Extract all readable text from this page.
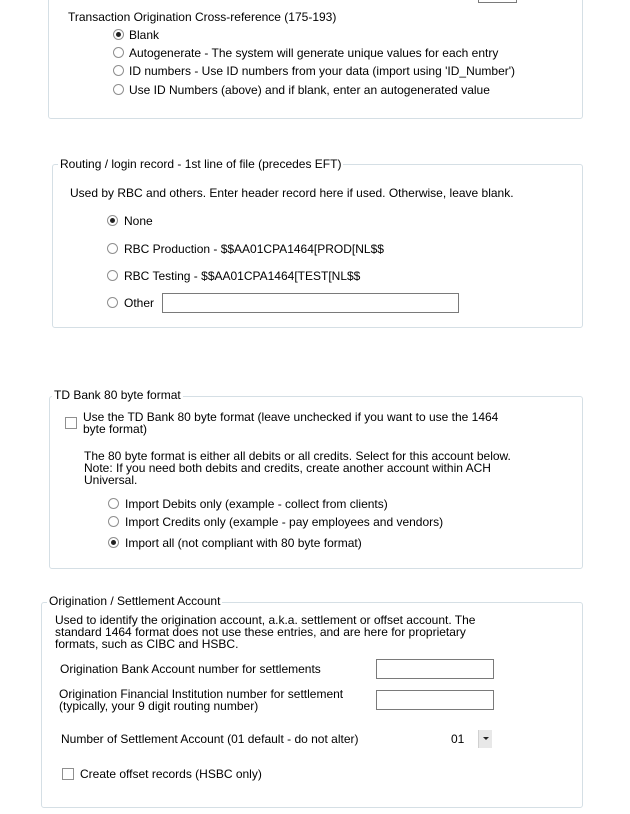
Transaction Origination Cross-reference (175-193)
Blank
Autogenerate - The system will generate unique values for each entry
ID numbers - Use ID numbers from your data (import using 'ID_Number')
Use ID Numbers (above) and if blank, enter an autogenerated value
Routing / login record - 1st line of file (precedes EFT)
Used by RBC and others. Enter header record here if used. Otherwise, leave blank.
None
RBC Production - $$AA01CPA1464[PROD[NL$$
RBC Testing - $$AA01CPA1464[TEST[NL$$
Other
TD Bank 80 byte format
Use the TD Bank 80 byte format (leave unchecked if you want to use the 1464 byte format)
The 80 byte format is either all debits or all credits. Select for this account below. Note: If you need both debits and credits, create another account within ACH Universal.
Import Debits only (example - collect from clients)
Import Credits only (example - pay employees and vendors)
Import all (not compliant with 80 byte format)
Origination / Settlement Account
Used to identify the origination account, a.k.a. settlement or offset account. The standard 1464 format does not use these entries, and are here for proprietary formats, such as CIBC and HSBC.
Origination Bank Account number for settlements
Origination Financial Institution number for settlement (typically, your 9 digit routing number)
Number of Settlement Account (01 default - do not alter)	01
Create offset records (HSBC only)
